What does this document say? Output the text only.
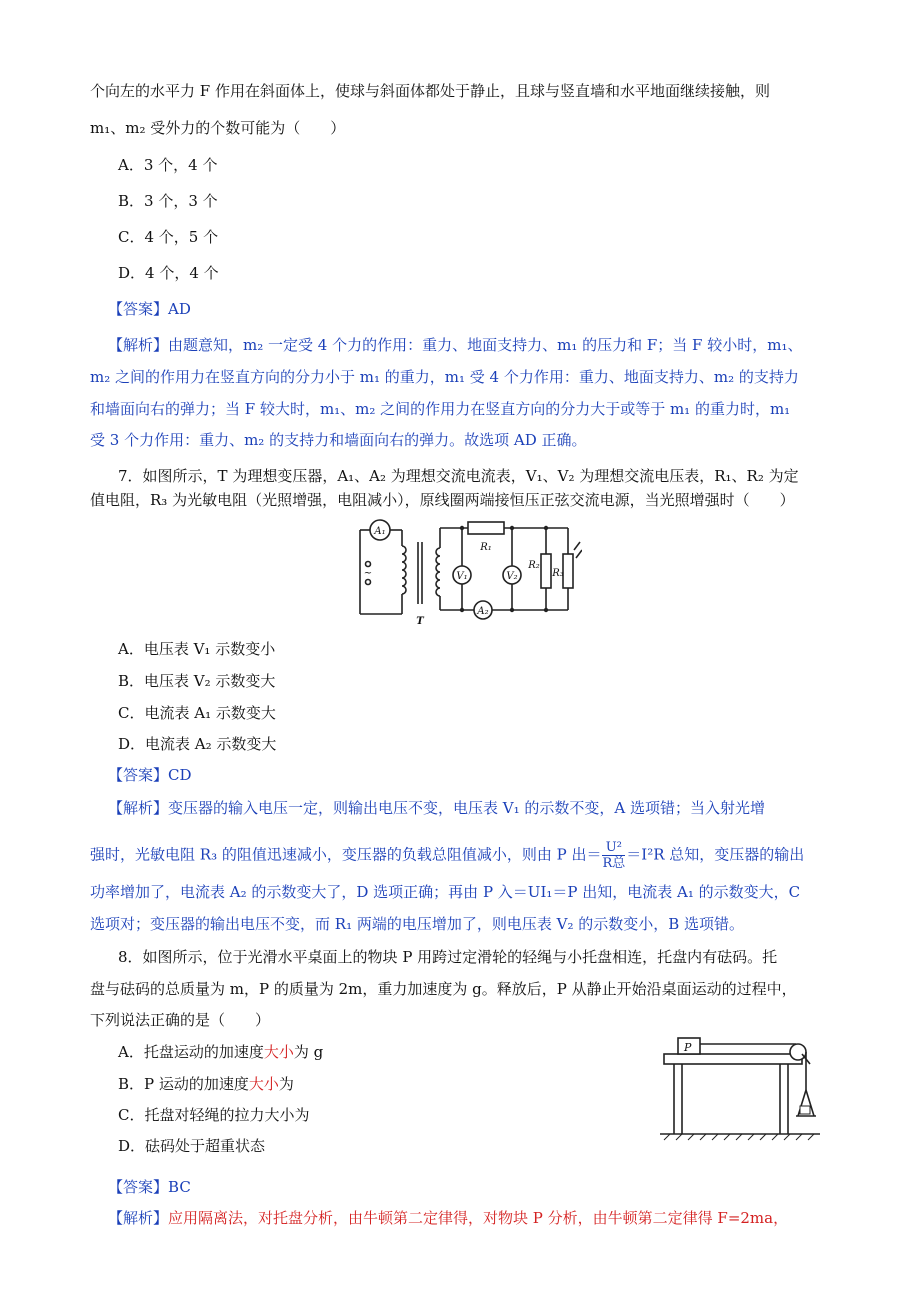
个向左的水平力 F 作用在斜面体上，使球与斜面体都处于静止，且球与竖直墙和水平地面继续接触，则
m₁、m₂ 受外力的个数可能为（　　）
A．3 个，4 个
B．3 个，3 个
C．4 个，5 个
D．4 个，4 个
【答案】AD
【解析】由题意知，m₂ 一定受 4 个力的作用：重力、地面支持力、m₁ 的压力和 F；当 F 较小时，m₁、
m₂ 之间的作用力在竖直方向的分力小于 m₁ 的重力，m₁ 受 4 个力作用：重力、地面支持力、m₂ 的支持力
和墙面向右的弹力；当 F 较大时，m₁、m₂ 之间的作用力在竖直方向的分力大于或等于 m₁ 的重力时，m₁
受 3 个力作用：重力、m₂ 的支持力和墙面向右的弹力。故选项 AD 正确。
7．如图所示，T 为理想变压器，A₁、A₂ 为理想交流电流表，V₁、V₂ 为理想交流电压表，R₁、R₂ 为定
值电阻，R₃ 为光敏电阻（光照增强，电阻减小），原线圈两端接恒压正弦交流电源，当光照增强时（　　）
A₁
~
T
R₁
V₁	V₂
R₂
R₃
A₂
A．电压表 V₁ 示数变小
B．电压表 V₂ 示数变大
C．电流表 A₁ 示数变大
D．电流表 A₂ 示数变大
【答案】CD
【解析】变压器的输入电压一定，则输出电压不变，电压表 V₁ 的示数不变，A 选项错；当入射光增
强时，光敏电阻 R₃ 的阻值迅速减小，变压器的负载总阻值减小，则由 P 出＝ $\frac{\text{U²}}{\text{R总}} =I^2R$ 总知，变压器的输出
功率增加了，电流表 A₂ 的示数变大了，D 选项正确；再由 P 入＝UI₁＝P 出知，电流表 A₁ 的示数变大，C
选项对；变压器的输出电压不变，而 R₁ 两端的电压增加了，则电压表 V₂ 的示数变小，B 选项错。
8．如图所示，位于光滑水平桌面上的物块 P 用跨过定滑轮的轻绳与小托盘相连，托盘内有砝码。托
盘与砝码的总质量为 m，P 的质量为 2m，重力加速度为 g。释放后，P 从静止开始沿桌面运动的过程中，
下列说法正确的是（　　）
A．托盘运动的加速度大小为 g
B．P 运动的加速度大小为
C．托盘对轻绳的拉力大小为
D．砝码处于超重状态
P
【答案】BC
【解析】应用隔离法，对托盘分析，由牛顿第二定律得，对物块 P 分析，由牛顿第二定律得 F=2ma，
